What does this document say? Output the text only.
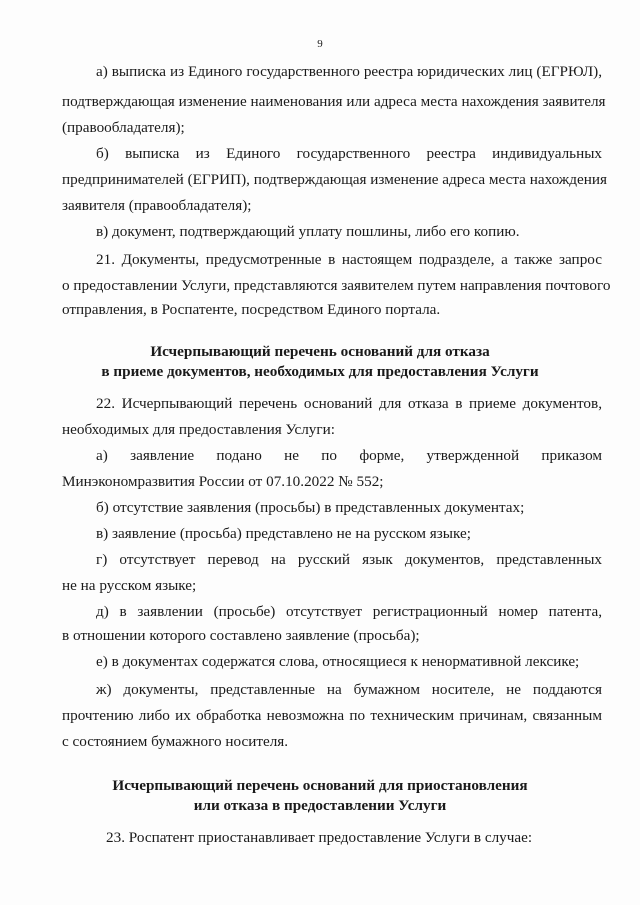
9
а) выписка из Единого государственного реестра юридических лиц (ЕГРЮЛ),
подтверждающая изменение наименования или адреса места нахождения заявителя
(правообладателя);
б) выписка из Единого государственного реестра индивидуальных
предпринимателей (ЕГРИП), подтверждающая изменение адреса места нахождения
заявителя (правообладателя);
в) документ, подтверждающий уплату пошлины, либо его копию.
21. Документы, предусмотренные в настоящем подразделе, а также запрос
о предоставлении Услуги, представляются заявителем путем направления почтового
отправления, в Роспатенте, посредством Единого портала.
Исчерпывающий перечень оснований для отказа
в приеме документов, необходимых для предоставления Услуги
22. Исчерпывающий перечень оснований для отказа в приеме документов,
необходимых для предоставления Услуги:
а) заявление подано не по форме, утвержденной приказом
Минэкономразвития России от 07.10.2022 № 552;
б) отсутствие заявления (просьбы) в представленных документах;
в) заявление (просьба) представлено не на русском языке;
г) отсутствует перевод на русский язык документов, представленных
не на русском языке;
д) в заявлении (просьбе) отсутствует регистрационный номер патента,
в отношении которого составлено заявление (просьба);
е) в документах содержатся слова, относящиеся к ненормативной лексике;
ж) документы, представленные на бумажном носителе, не поддаются
прочтению либо их обработка невозможна по техническим причинам, связанным
с состоянием бумажного носителя.
Исчерпывающий перечень оснований для приостановления
или отказа в предоставлении Услуги
23. Роспатент приостанавливает предоставление Услуги в случае:
